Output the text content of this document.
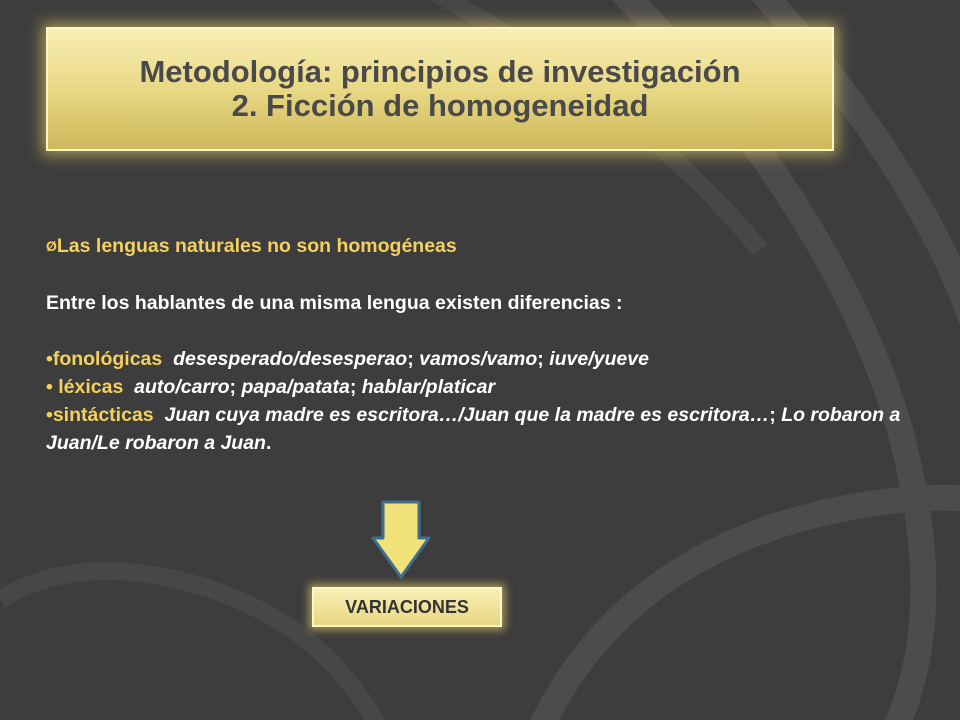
Metodología: principios de investigación
2. Ficción de homogeneidad

ØLas lenguas naturales no son homogéneas

Entre los hablantes de una misma lengua existen diferencias :

•fonológicas desesperado/desesperao; vamos/vamo; iuve/yueve

• léxicas auto/carro; papa/patata; hablar/platicar

•sintácticas Juan cuya madre es escritora…/Juan que la madre es escritora…; Lo robaron a Juan/Le robaron a Juan.

VARIACIONES
